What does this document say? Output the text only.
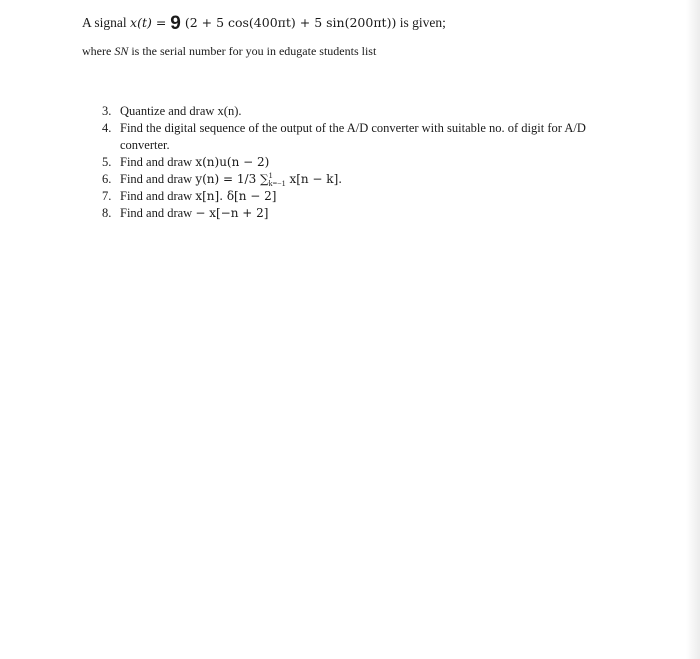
A signal x(t) = 9 (2 + 5 cos(400πt) + 5 sin(200πt)) is given;
where SN is the serial number for you in edugate students list
3. Quantize and draw x(n).
4. Find the digital sequence of the output of the A/D converter with suitable no. of digit for A/D
converter.
5. Find and draw x(n)u(n − 2)
6. Find and draw y(n) = 1/3 ∑1
k=−1 x[n − k].
7. Find and draw x[n]. δ[n − 2]
8. Find and draw − x[−n + 2]
